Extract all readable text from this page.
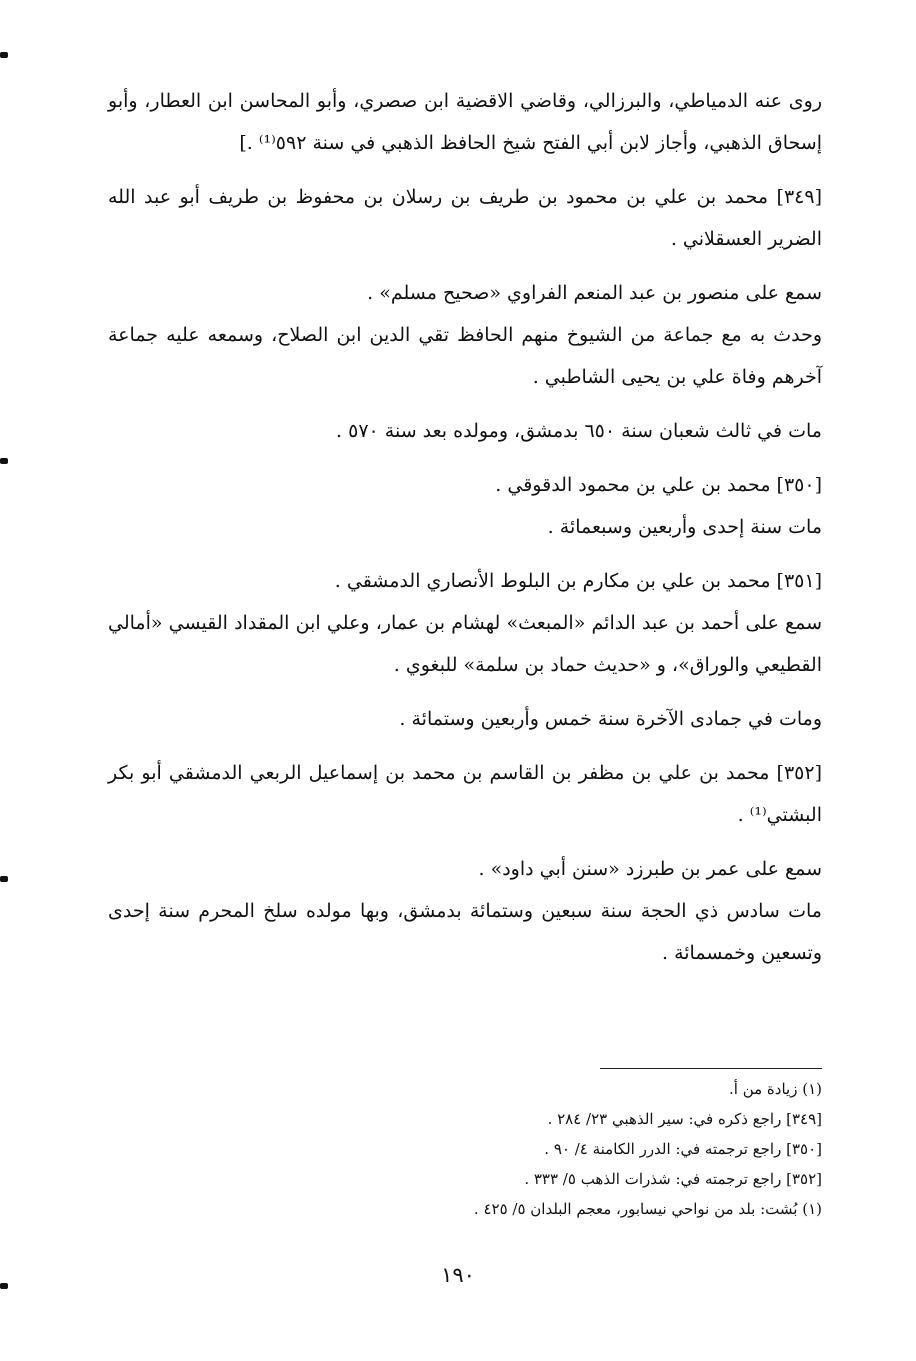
روى عنه الدمياطي، والبرزالي، وقاضي الاقضية ابن صصري، وأبو المحاسن ابن العطار، وأبو إسحاق الذهبي، وأجاز لابن أبي الفتح شيخ الحافظ الذهبي في سنة ٥٩٢⁽¹⁾ .]

[٣٤٩] محمد بن علي بن محمود بن طريف بن رسلان بن محفوظ بن طريف أبو عبد الله الضرير العسقلاني .

سمع على منصور بن عبد المنعم الفراوي «صحيح مسلم» .

وحدث به مع جماعة من الشيوخ منهم الحافظ تقي الدين ابن الصلاح، وسمعه عليه جماعة آخرهم وفاة علي بن يحيى الشاطبي .

مات في ثالث شعبان سنة ٦٥٠ بدمشق، ومولده بعد سنة ٥٧٠ .

[٣٥٠] محمد بن علي بن محمود الدقوقي .

مات سنة إحدى وأربعين وسبعمائة .

[٣٥١] محمد بن علي بن مكارم بن البلوط الأنصاري الدمشقي .

سمع على أحمد بن عبد الدائم «المبعث» لهشام بن عمار، وعلي ابن المقداد القيسي «أمالي القطيعي والوراق»، و «حديث حماد بن سلمة» للبغوي .

ومات في جمادى الآخرة سنة خمس وأربعين وستمائة .

[٣٥٢] محمد بن علي بن مظفر بن القاسم بن محمد بن إسماعيل الربعي الدمشقي أبو بكر البشتي⁽¹⁾ .

سمع على عمر بن طبرزد «سنن أبي داود» .

مات سادس ذي الحجة سنة سبعين وستمائة بدمشق، وبها مولده سلخ المحرم سنة إحدى وتسعين وخمسمائة .

(١) زيادة من أ.

[٣٤٩] راجع ذكره في: سير الذهبي ٢٣/ ٢٨٤ .

[٣٥٠] راجع ترجمته في: الدرر الكامنة ٤/ ٩٠ .

[٣٥٢] راجع ترجمته في: شذرات الذهب ٥/ ٣٣٣ .

(١) بُشت: بلد من نواحي نيسابور، معجم البلدان ٥/ ٤٢٥ .

١٩٠
